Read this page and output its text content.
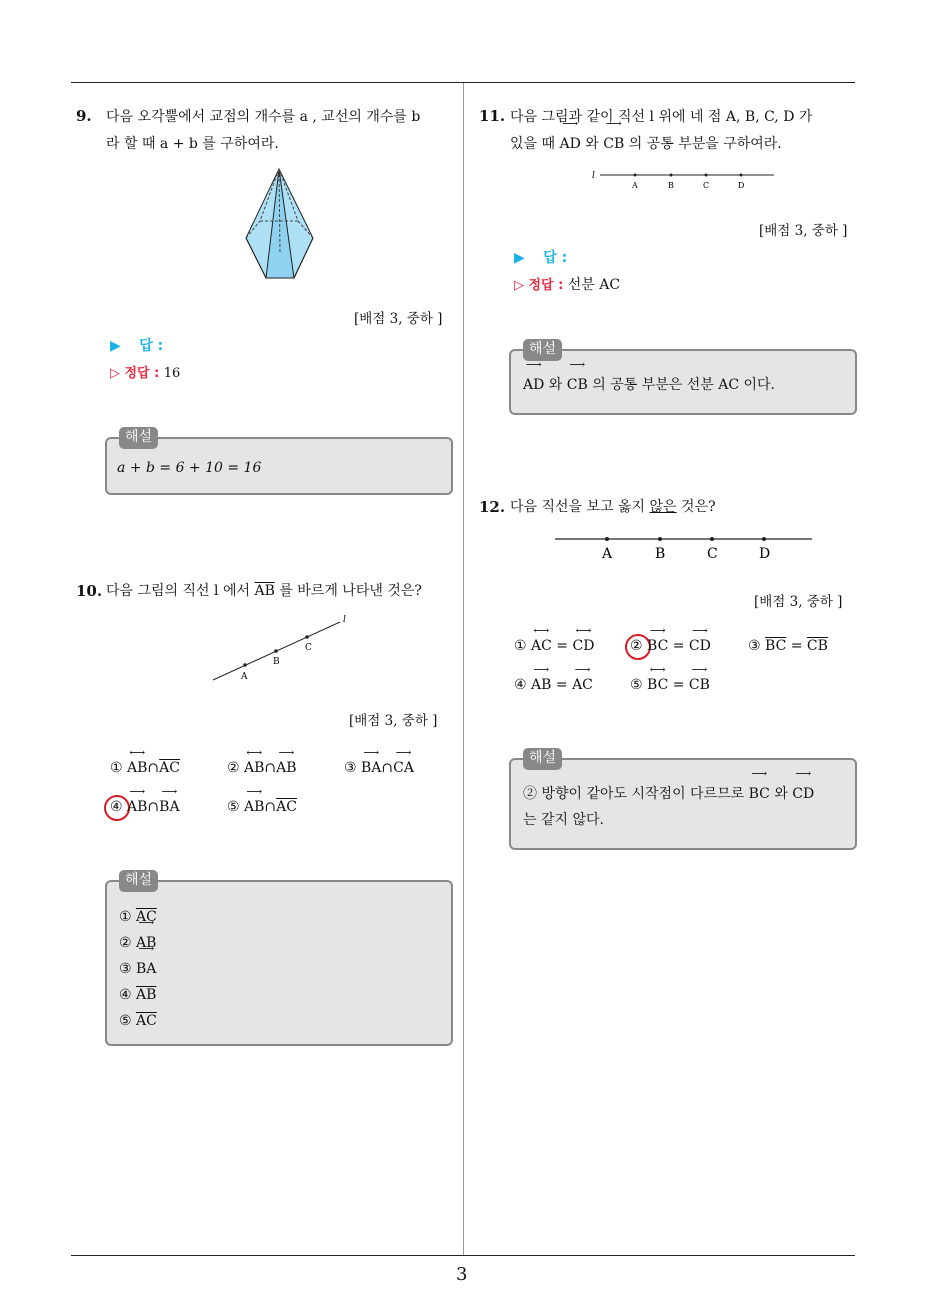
3
9. 다음 오각뿔에서 교점의 개수를 a , 교선의 개수를 b
라 할 때 a + b 를 구하여라.
[배점 3, 중하 ]
▶ 답 :
▷ 정답 : 16
해설
a + b = 6 + 10 = 16
10. 다음 그림의 직선 l 에서 $\overline{AB}$ 를 바르게 나타낸 것은?
A
B
C
l
[배점 3, 중하 ]
① ⟷ $AB\cap\overline{AC}$	② ⟷ AB∩⟶ AB	③ ⟶ BA∩⟶ CA
④ ⟶ AB∩⟶ BA	⑤ ⟶ $AB\cap\overline{AC}$
해설
① $\overline{AC}$
② ⟶ AB
③ ⟶ BA
④ $\overline{AB}$
⑤ $\overline{AC}$
11. 다음 그림과 같이 직선 l 위에 네 점 A, B, C, D 가
있을 때 ⟶ AD 와 ⟶ CB 의 공통 부분을 구하여라.
l
A	B	C	D
[배점 3, 중하 ]
▶ 답 :
▷ 정답 : 선분 AC
해설
⟶ AD 와 ⟶ CB 의 공통 부분은 선분 AC 이다.
12. 다음 직선을 보고 옳지 않은 것은?
A	B	C	D
[배점 3, 중하 ]
① ⟷ AC = ⟷ CD	② ⟶ BC = ⟶ CD	③ $\overline{BC} = \overline{CB}$
④ ⟶ AB = ⟶ AC	⑤ ⟷ BC = ⟶ CB
해설
② 방향이 같아도 시작점이 다르므로 ⟶ BC 와 ⟶ CD
는 같지 않다.
